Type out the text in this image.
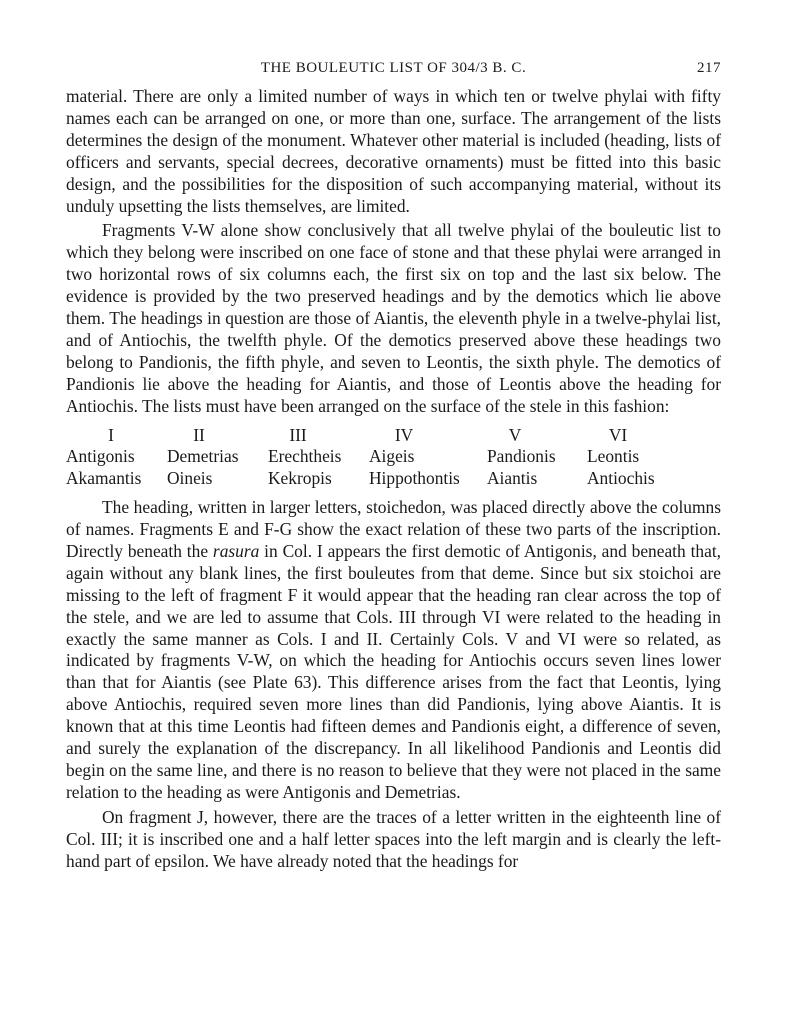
THE BOULEUTIC LIST OF 304/3 B. C.	217

material. There are only a limited number of ways in which ten or twelve phylai with fifty names each can be arranged on one, or more than one, surface. The arrangement of the lists determines the design of the monument. Whatever other material is included (heading, lists of officers and servants, special decrees, decorative ornaments) must be fitted into this basic design, and the possibilities for the disposition of such accompanying material, without its unduly upsetting the lists themselves, are limited.

Fragments V-W alone show conclusively that all twelve phylai of the bouleutic list to which they belong were inscribed on one face of stone and that these phylai were arranged in two horizontal rows of six columns each, the first six on top and the last six below. The evidence is provided by the two preserved headings and by the demotics which lie above them. The headings in question are those of Aiantis, the eleventh phyle in a twelve-phylai list, and of Antiochis, the twelfth phyle. Of the demotics preserved above these headings two belong to Pandionis, the fifth phyle, and seven to Leontis, the sixth phyle. The demotics of Pandionis lie above the heading for Aiantis, and those of Leontis above the heading for Antiochis. The lists must have been arranged on the surface of the stele in this fashion:

I	II	III	IV	V	VI
Antigonis	Demetrias	Erechtheis	Aigeis	Pandionis	Leontis
Akamantis	Oineis	Kekropis	Hippothontis	Aiantis	Antiochis

The heading, written in larger letters, stoichedon, was placed directly above the columns of names. Fragments E and F-G show the exact relation of these two parts of the inscription. Directly beneath the rasura in Col. I appears the first demotic of Antigonis, and beneath that, again without any blank lines, the first bouleutes from that deme. Since but six stoichoi are missing to the left of fragment F it would appear that the heading ran clear across the top of the stele, and we are led to assume that Cols. III through VI were related to the heading in exactly the same manner as Cols. I and II. Certainly Cols. V and VI were so related, as indicated by fragments V-W, on which the heading for Antiochis occurs seven lines lower than that for Aiantis (see Plate 63). This difference arises from the fact that Leontis, lying above Antiochis, required seven more lines than did Pandionis, lying above Aiantis. It is known that at this time Leontis had fifteen demes and Pandionis eight, a difference of seven, and surely the explanation of the discrepancy. In all likelihood Pandionis and Leontis did begin on the same line, and there is no reason to believe that they were not placed in the same relation to the heading as were Antigonis and Demetrias.

On fragment J, however, there are the traces of a letter written in the eighteenth line of Col. III; it is inscribed one and a half letter spaces into the left margin and is clearly the left-hand part of epsilon. We have already noted that the headings for
